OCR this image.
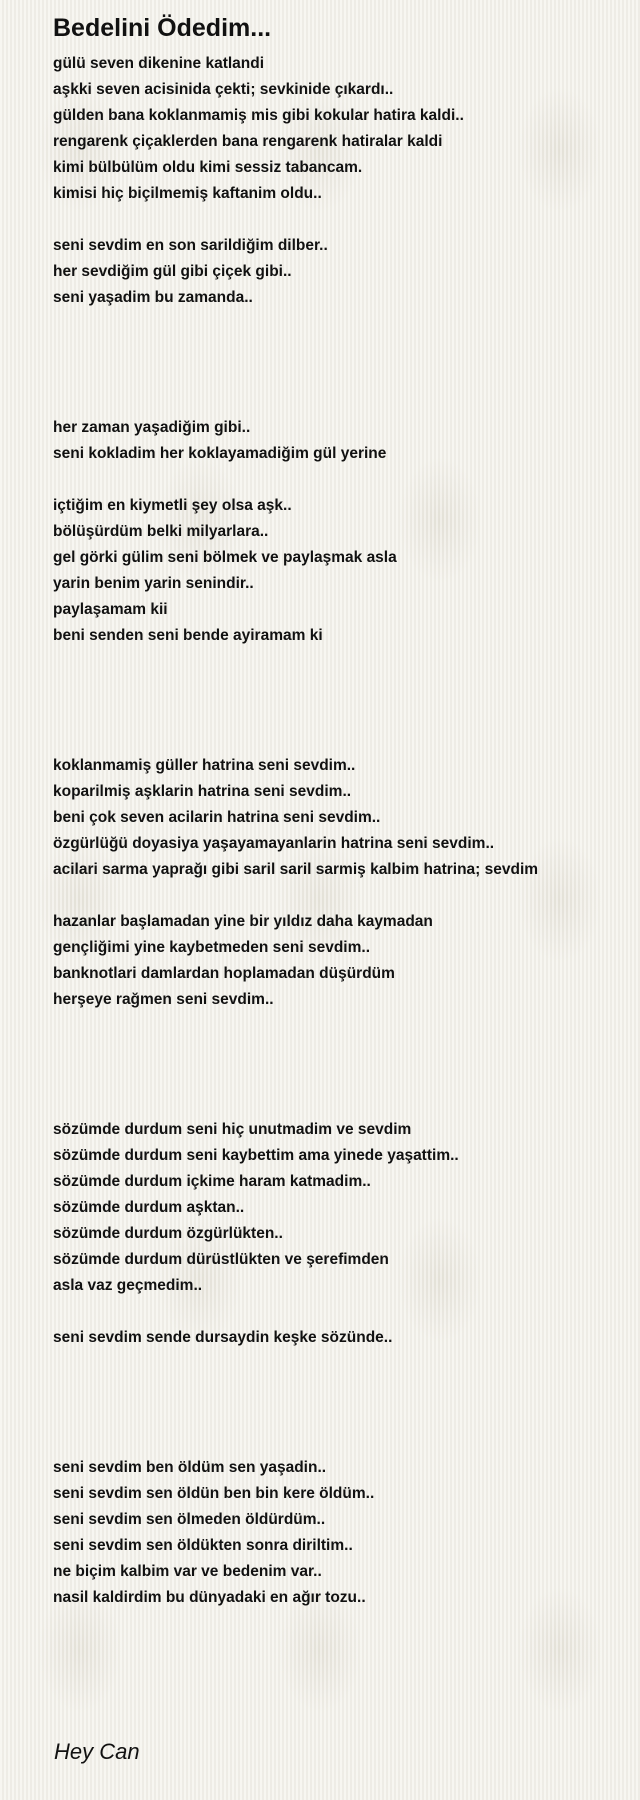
Bedelini Ödedim...
gülü seven dikenine katlandi
aşkki seven acisinida çekti; sevkinide çıkardı..
gülden bana koklanmamiş mis gibi kokular hatira kaldi..
rengarenk çiçaklerden bana rengarenk hatiralar kaldi
kimi bülbülüm oldu kimi sessiz tabancam.
kimisi hiç biçilmemiş kaftanim oldu..
seni sevdim en son sarildiğim dilber..
her sevdiğim gül gibi çiçek gibi..
seni yaşadim bu zamanda..
her zaman yaşadiğim gibi..
seni kokladim her koklayamadiğim gül yerine
içtiğim en kiymetli şey olsa aşk..
bölüşürdüm belki milyarlara..
gel görki gülim seni bölmek ve paylaşmak asla
yarin benim yarin senindir..
paylaşamam kii
beni senden seni bende ayiramam ki
koklanmamiş güller hatrina seni sevdim..
koparilmiş aşklarin hatrina seni sevdim..
beni çok seven acilarin hatrina seni sevdim..
özgürlüğü doyasiya yaşayamayanlarin hatrina seni sevdim..
acilari sarma yaprağı gibi saril saril sarmiş kalbim hatrina; sevdim
hazanlar başlamadan yine bir yıldız daha kaymadan
gençliğimi yine kaybetmeden seni sevdim..
banknotlari damlardan hoplamadan düşürdüm
herşeye rağmen seni sevdim..
sözümde durdum seni hiç unutmadim ve sevdim
sözümde durdum seni kaybettim ama yinede yaşattim..
sözümde durdum içkime haram katmadim..
sözümde durdum aşktan..
sözümde durdum özgürlükten..
sözümde durdum dürüstlükten ve şerefimden
asla vaz geçmedim..
seni sevdim sende dursaydin keşke sözünde..
seni sevdim ben öldüm sen yaşadin..
seni sevdim sen öldün ben bin kere öldüm..
seni sevdim sen ölmeden öldürdüm..
seni sevdim sen öldükten sonra diriltim..
ne biçim kalbim var ve bedenim var..
nasil kaldirdim bu dünyadaki en ağır tozu..
Hey Can
